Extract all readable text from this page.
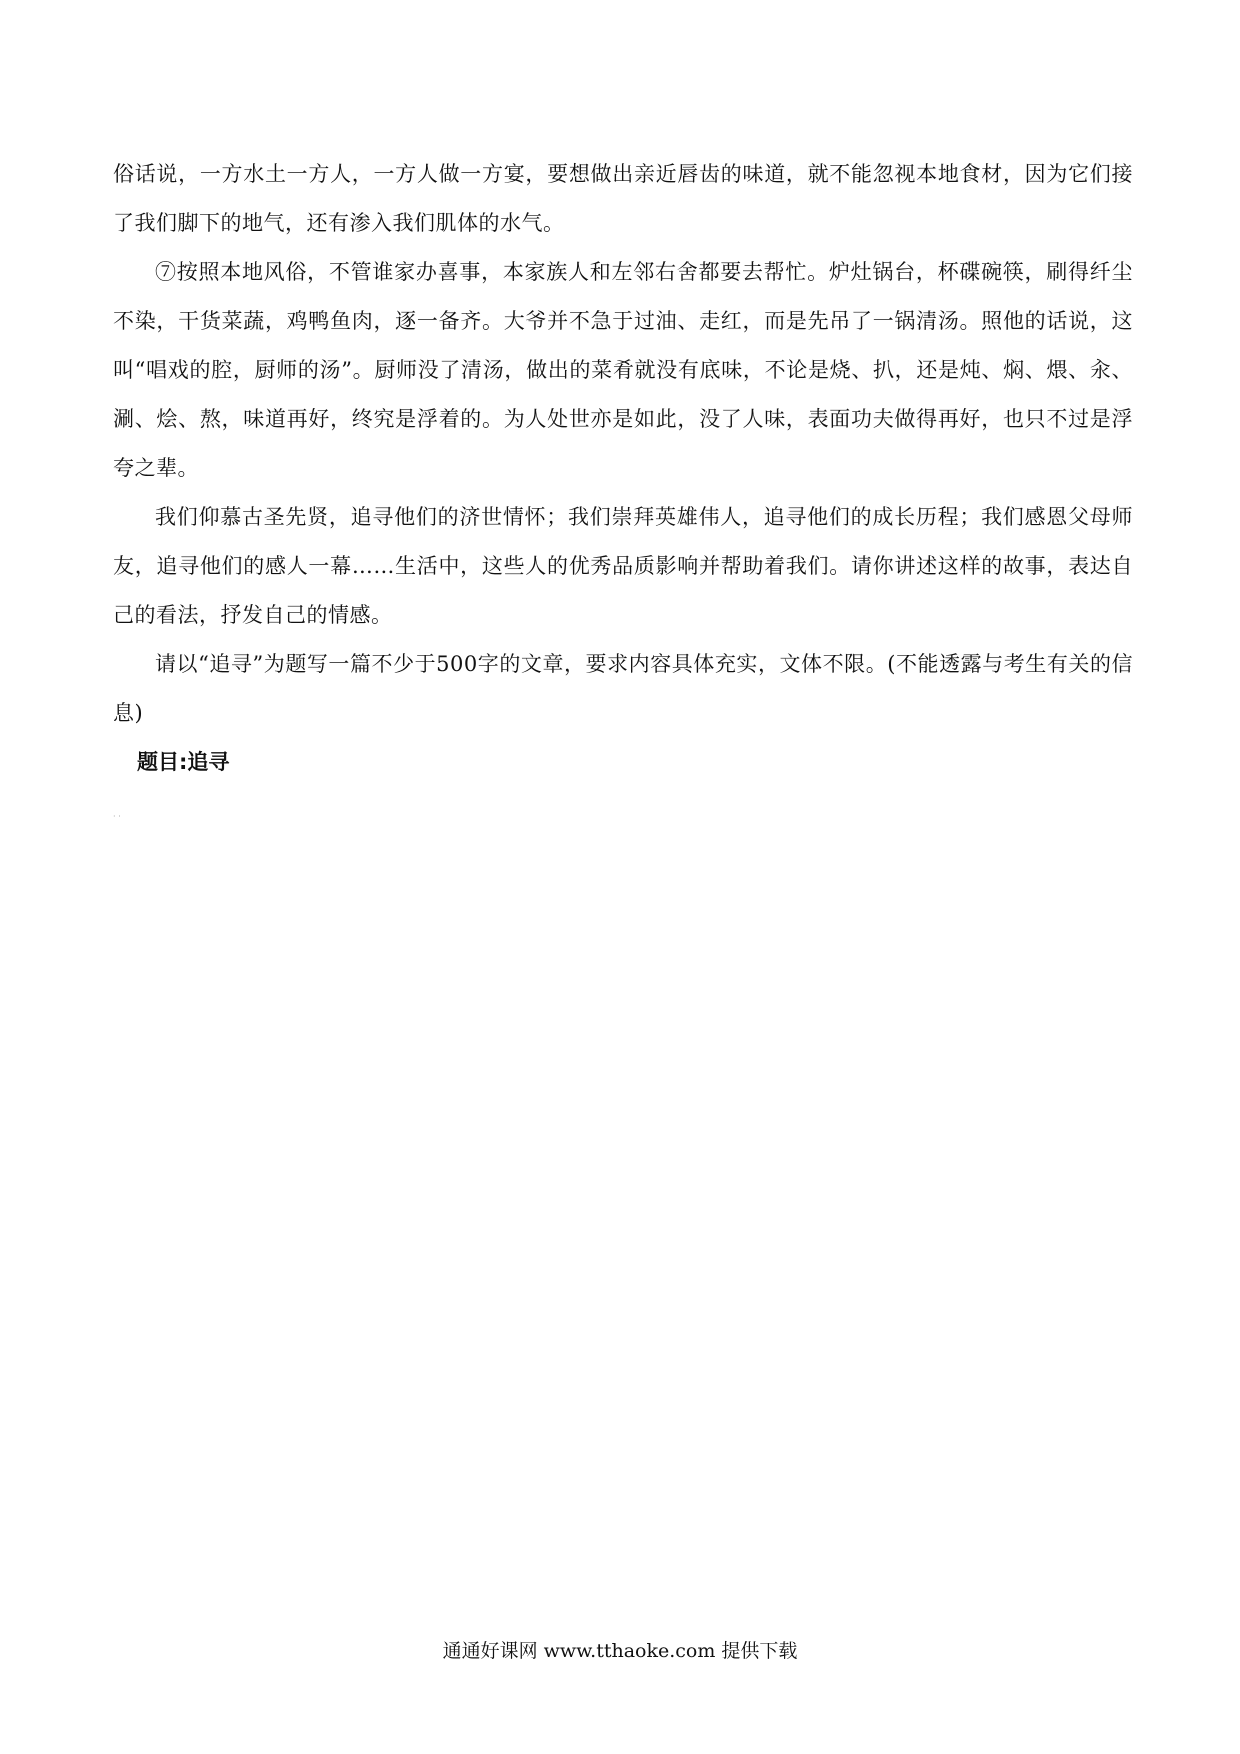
俗话说，一方水土一方人，一方人做一方宴，要想做出亲近唇齿的味道，就不能忽视本地食材，因为它们接了我们脚下的地气，还有渗入我们肌体的水气。

⑦按照本地风俗，不管谁家办喜事，本家族人和左邻右舍都要去帮忙。炉灶锅台，杯碟碗筷，刷得纤尘不染，干货菜蔬，鸡鸭鱼肉，逐一备齐。大爷并不急于过油、走红，而是先吊了一锅清汤。照他的话说，这叫“唱戏的腔，厨师的汤”。厨师没了清汤，做出的菜肴就没有底味，不论是烧、扒，还是炖、焖、煨、汆、涮、烩、熬，味道再好，终究是浮着的。为人处世亦是如此，没了人味，表面功夫做得再好，也只不过是浮夸之辈。

我们仰慕古圣先贤，追寻他们的济世情怀；我们崇拜英雄伟人，追寻他们的成长历程；我们感恩父母师友，追寻他们的感人一幕……生活中，这些人的优秀品质影响并帮助着我们。请你讲述这样的故事，表达自己的看法，抒发自己的情感。

请以“追寻”为题写一篇不少于500字的文章，要求内容具体充实，文体不限。(不能透露与考生有关的信息)

题目:追寻

· ·
通通好课网 www.tthaoke.com 提供下载
